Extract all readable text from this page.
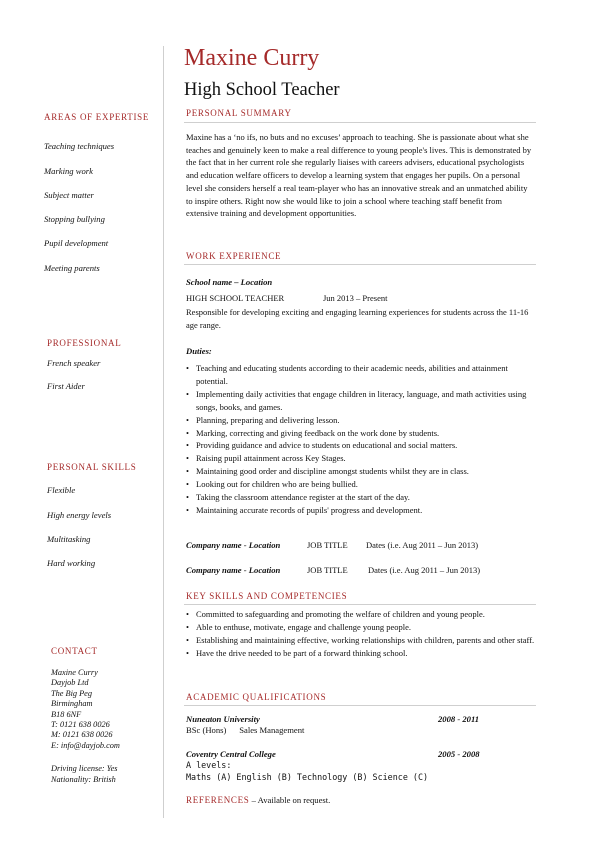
Maxine Curry
High School Teacher
AREAS OF EXPERTISE
Teaching techniques
Marking work
Subject matter
Stopping bullying
Pupil development
Meeting parents
PROFESSIONAL
French speaker
First Aider
PERSONAL SKILLS
Flexible
High energy levels
Multitasking
Hard working
CONTACT
Maxine Curry
Dayjob Ltd
The Big Peg
Birmingham
B18 6NF
T: 0121 638 0026
M: 0121 638 0026
E: info@dayjob.com
Driving license: Yes
Nationality: British
PERSONAL SUMMARY
Maxine has a ‘no ifs, no buts and no excuses’ approach to teaching. She is passionate about what she teaches and genuinely keen to make a real difference to young people's lives. This is demonstrated by the fact that in her current role she regularly liaises with careers advisers, educational psychologists and education welfare officers to develop a learning system that engages her pupils. On a personal level she considers herself a real team-player who has an innovative streak and an unmatched ability to inspire others. Right now she would like to join a school where teaching staff benefit from extensive training and development opportunities.
WORK EXPERIENCE
School name – Location
HIGH SCHOOL TEACHER	Jun 2013 – Present
Responsible for developing exciting and engaging learning experiences for students across the 11-16 age range.
Duties:
• Teaching and educating students according to their academic needs, abilities and attainment potential.
• Implementing daily activities that engage children in literacy, language, and math activities using songs, books, and games.
• Planning, preparing and delivering lesson.
• Marking, correcting and giving feedback on the work done by students.
• Providing guidance and advice to students on educational and social matters.
• Raising pupil attainment across Key Stages.
• Maintaining good order and discipline amongst students whilst they are in class.
• Looking out for children who are being bullied.
• Taking the classroom attendance register at the start of the day.
• Maintaining accurate records of pupils' progress and development.
Company name - Location	JOB TITLE Dates (i.e. Aug 2011 – Jun 2013)
Company name - Location	JOB TITLE Dates (i.e. Aug 2011 – Jun 2013)
KEY SKILLS AND COMPETENCIES
• Committed to safeguarding and promoting the welfare of children and young people.
• Able to enthuse, motivate, engage and challenge young people.
• Establishing and maintaining effective, working relationships with children, parents and other staff.
• Have the drive needed to be part of a forward thinking school.
ACADEMIC QUALIFICATIONS
Nuneaton University	2008 - 2011
BSc (Hons)      Sales Management
Coventry Central College	2005 - 2008
A levels:
Maths (A) English (B) Technology (B) Science (C)
REFERENCES – Available on request.
